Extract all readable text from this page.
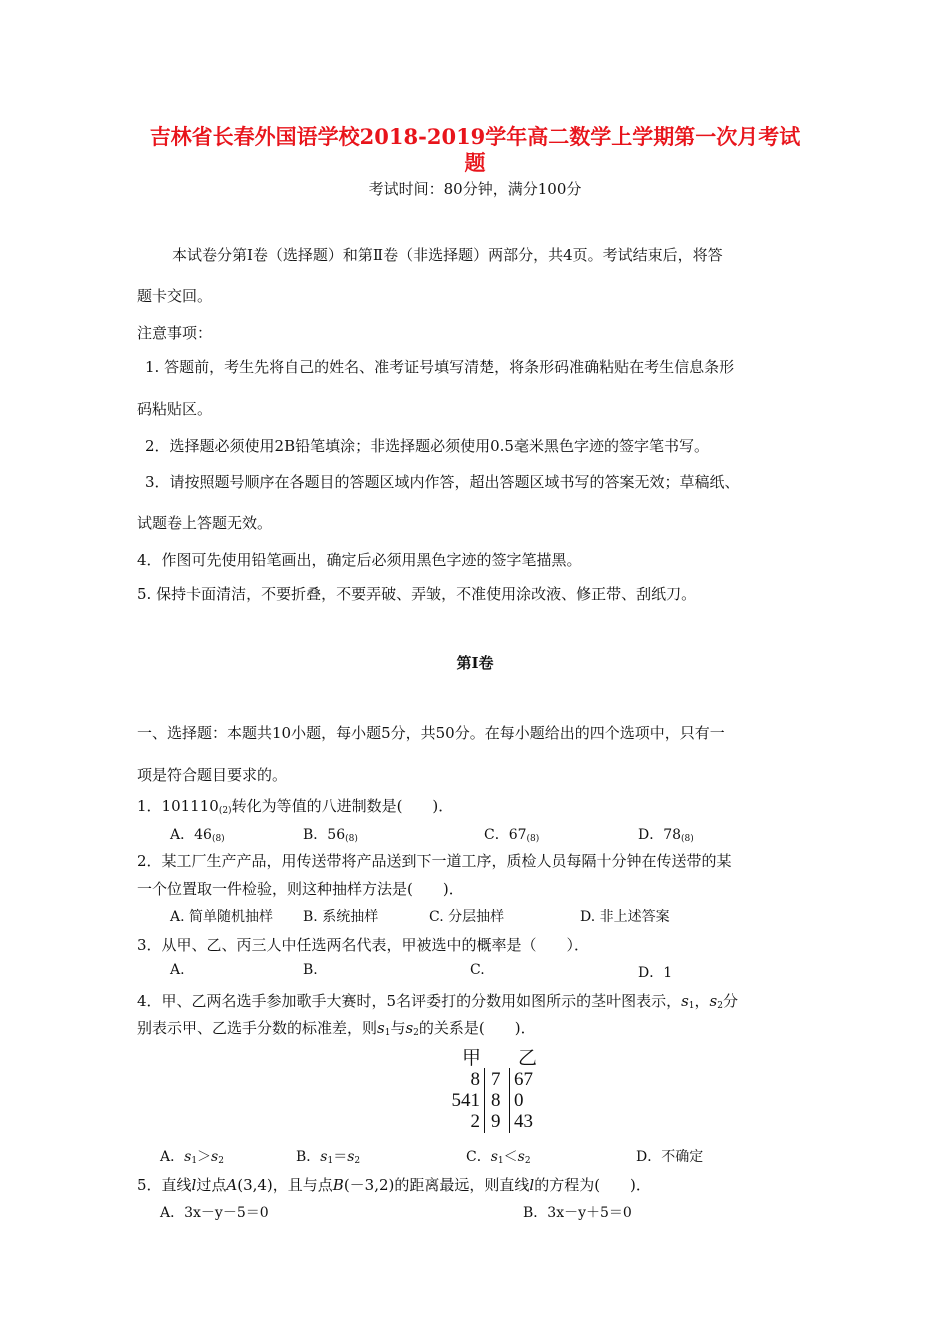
吉林省长春外国语学校2018-2019学年高二数学上学期第一次月考试
题
考试时间：80分钟，满分100分
本试卷分第Ⅰ卷（选择题）和第Ⅱ卷（非选择题）两部分，共4页。考试结束后，将答
题卡交回。
注意事项：
1. 答题前，考生先将自己的姓名、准考证号填写清楚，将条形码准确粘贴在考生信息条形
码粘贴区。
2．选择题必须使用2B铅笔填涂；非选择题必须使用0.5毫米黑色字迹的签字笔书写。
3．请按照题号顺序在各题目的答题区域内作答，超出答题区域书写的答案无效；草稿纸、
试题卷上答题无效。
4．作图可先使用铅笔画出，确定后必须用黑色字迹的签字笔描黑。
5. 保持卡面清洁，不要折叠，不要弄破、弄皱，不准使用涂改液、修正带、刮纸刀。
第Ⅰ卷
一、选择题：本题共10小题，每小题5分，共50分。在每小题给出的四个选项中，只有一
项是符合题目要求的。
1．$101110_{(2)}$转化为等值的八进制数是(　　)．
A．$46_{(8)}$	B．$56_{(8)}$	C．$67_{(8)}$	D．$78_{(8)}$
2．某工厂生产产品，用传送带将产品送到下一道工序，质检人员每隔十分钟在传送带的某
一个位置取一件检验，则这种抽样方法是(　　)．
A. 简单随机抽样 B. 系统抽样	C. 分层抽样	D. 非上述答案
3．从甲、乙、丙三人中任选两名代表，甲被选中的概率是（　　）．
A.	B.	C.	D．1
4．甲、乙两名选手参加歌手大赛时，5名评委打的分数用如图所示的茎叶图表示，$s_1$，$s_2$分
别表示甲、乙选手分数的标准差，则$s_1$与$s_2$的关系是(　　)．
甲 乙
8 7 67
541 8 0
2 9 43
A．$s_1>s_2$	B．$s_1=s_2$	C．$s_1<s_2$	D．不确定
5．直线l过点A(3,4)，且与点B(－3,2)的距离最远，则直线l的方程为(　　)．
A．3x－y－5＝0	B．3x－y＋5＝0
